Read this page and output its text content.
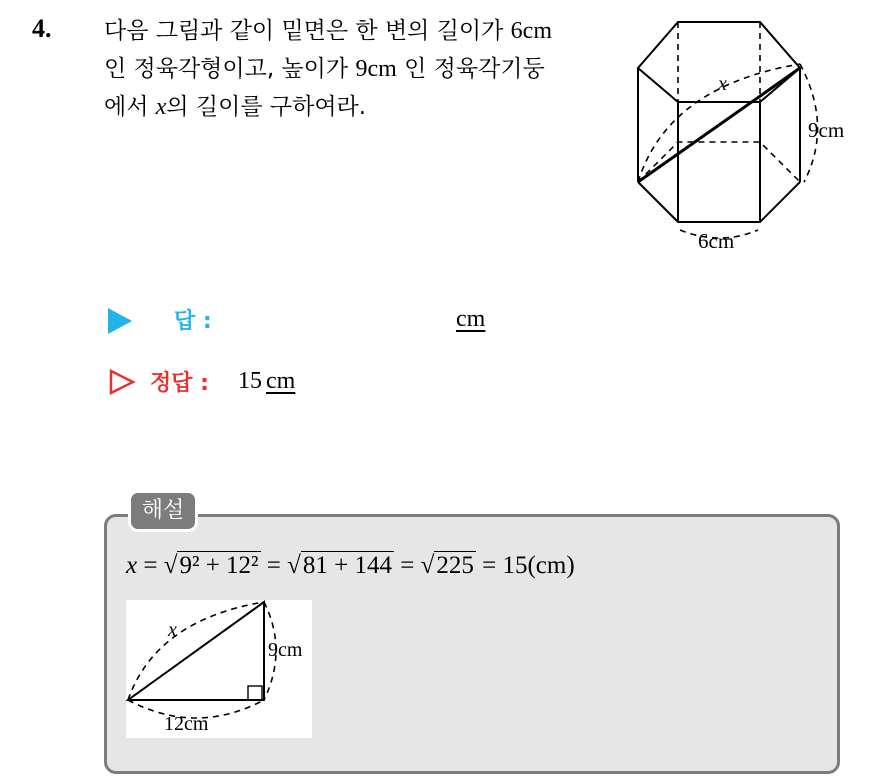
4. 다음 그림과 같이 밑면은 한 변의 길이가 6cm
인 정육각형이고, 높이가 9cm 인 정육각기둥
에서 x의 길이를 구하여라.
x
9cm
6cm
답 :	cm
정답 : 15 cm
해설
x = √9² + 12² = √81 + 144 = √225 = 15(cm)
x
9cm
12cm
